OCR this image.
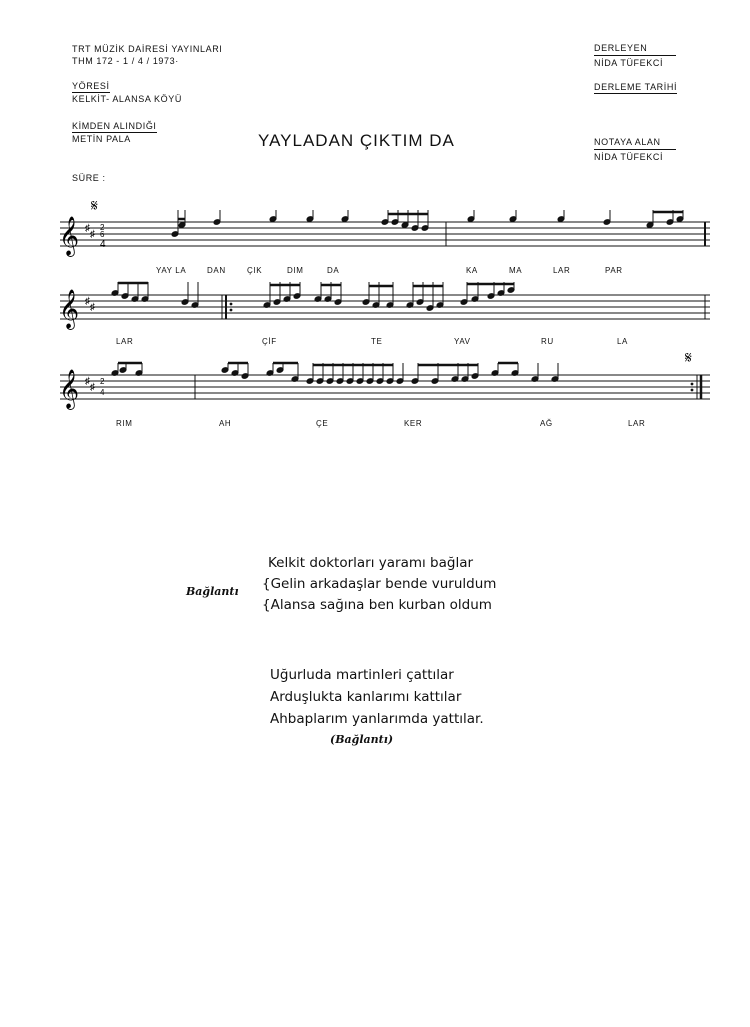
TRT MÜZİK DAİRESİ YAYINLARI
THM 172 - 1 / 4 / 1973·
YÖRESİ
KELKİT- ALANSA KÖYÜ
KİMDEN ALINDIĞI
METİN PALA
SÜRE :
DERLEYEN
NİDA TÜFEKCİ
DERLEME TARİHİ
NOTAYA ALAN
NİDA TÜFEKCİ
YAYLADAN ÇIKTIM DA
𝄞
𝄋
♯
♯
2
6
4
YAY LA	DAN	ÇIK	DIM	DA	KA	MA	LAR	PAR
𝄞 ♯
♯
LAR	ÇİF	TE	YAV	RU	LA
𝄋
𝄞 ♯
♯
2
4
RIM	AH	ÇE	KER	AĞ	LAR
Bağlantı
Kelkit doktorları yaramı bağlar
{Gelin arkadaşlar bende vuruldum
{Alansa sağına ben kurban oldum
Uğurluda martinleri çattılar
Arduşlukta kanlarımı kattılar
Ahbaplarım yanlarımda yattılar.
(Bağlantı)
